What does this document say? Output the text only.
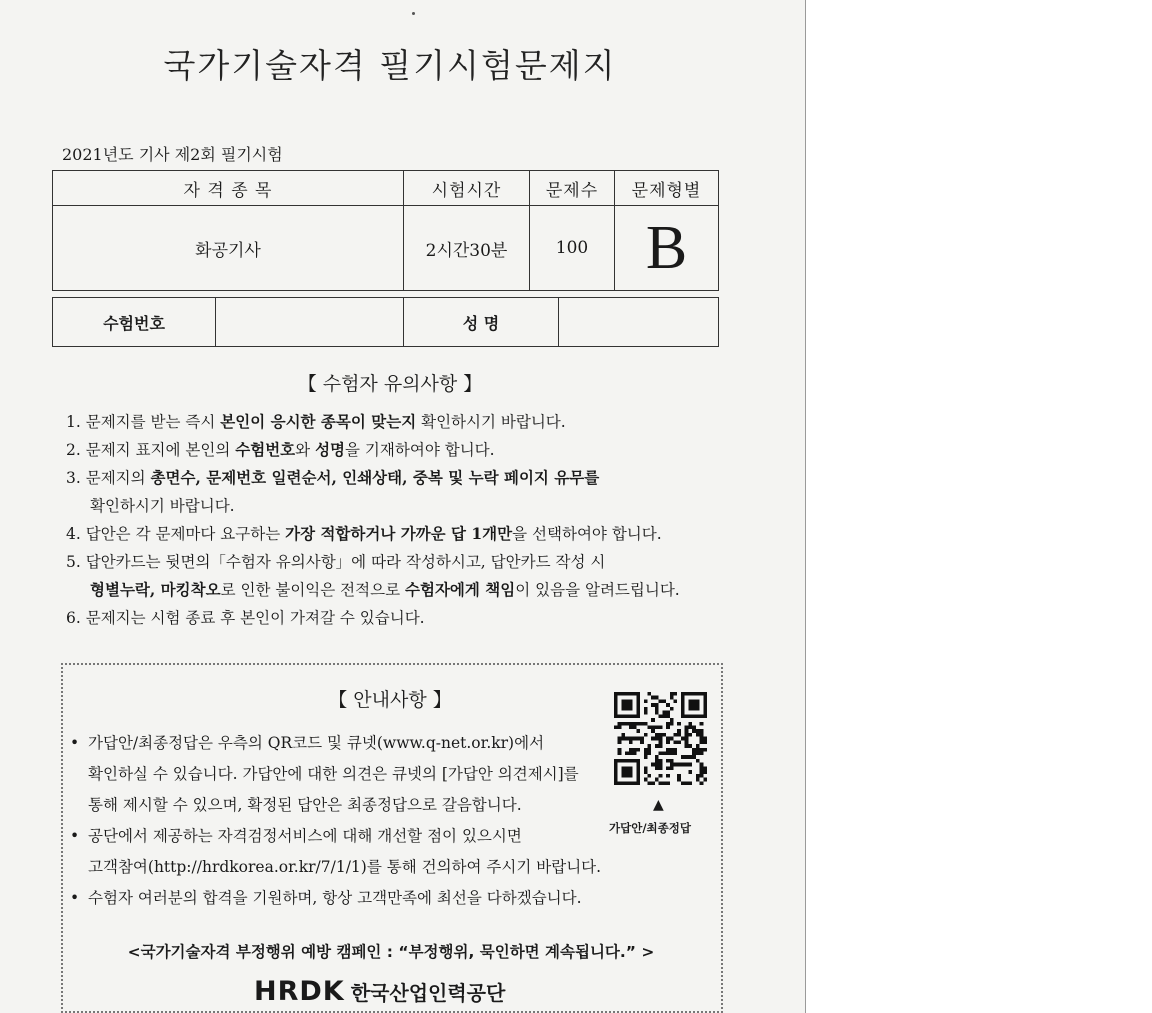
국가기술자격 필기시험문제지
2021년도 기사 제2회 필기시험
자 격 종 목	시험시간	문제수	문제형별
화공기사	2시간30분	100	B
수험번호		성 명	
【 수험자 유의사항 】
1. 문제지를 받는 즉시 본인이 응시한 종목이 맞는지 확인하시기 바랍니다.
2. 문제지 표지에 본인의 수험번호와 성명을 기재하여야 합니다.
3. 문제지의 총면수, 문제번호 일련순서, 인쇄상태, 중복 및 누락 페이지 유무를
확인하시기 바랍니다.
4. 답안은 각 문제마다 요구하는 가장 적합하거나 가까운 답 1개만을 선택하여야 합니다.
5. 답안카드는 뒷면의「수험자 유의사항」에 따라 작성하시고, 답안카드 작성 시
형별누락, 마킹착오로 인한 불이익은 전적으로 수험자에게 책임이 있음을 알려드립니다.
6. 문제지는 시험 종료 후 본인이 가져갈 수 있습니다.
【 안내사항 】
• 가답안/최종정답은 우측의 QR코드 및 큐넷(www.q-net.or.kr)에서
확인하실 수 있습니다. 가답안에 대한 의견은 큐넷의 [가답안 의견제시]를
통해 제시할 수 있으며, 확정된 답안은 최종정답으로 갈음합니다.
• 공단에서 제공하는 자격검정서비스에 대해 개선할 점이 있으시면
고객참여(http://hrdkorea.or.kr/7/1/1)를 통해 건의하여 주시기 바랍니다.
• 수험자 여러분의 합격을 기원하며, 항상 고객만족에 최선을 다하겠습니다.
▲
가답안/최종정답
<국가기술자격 부정행위 예방 캠페인 : “부정행위, 묵인하면 계속됩니다.” >
HRDK 한국산업인력공단
